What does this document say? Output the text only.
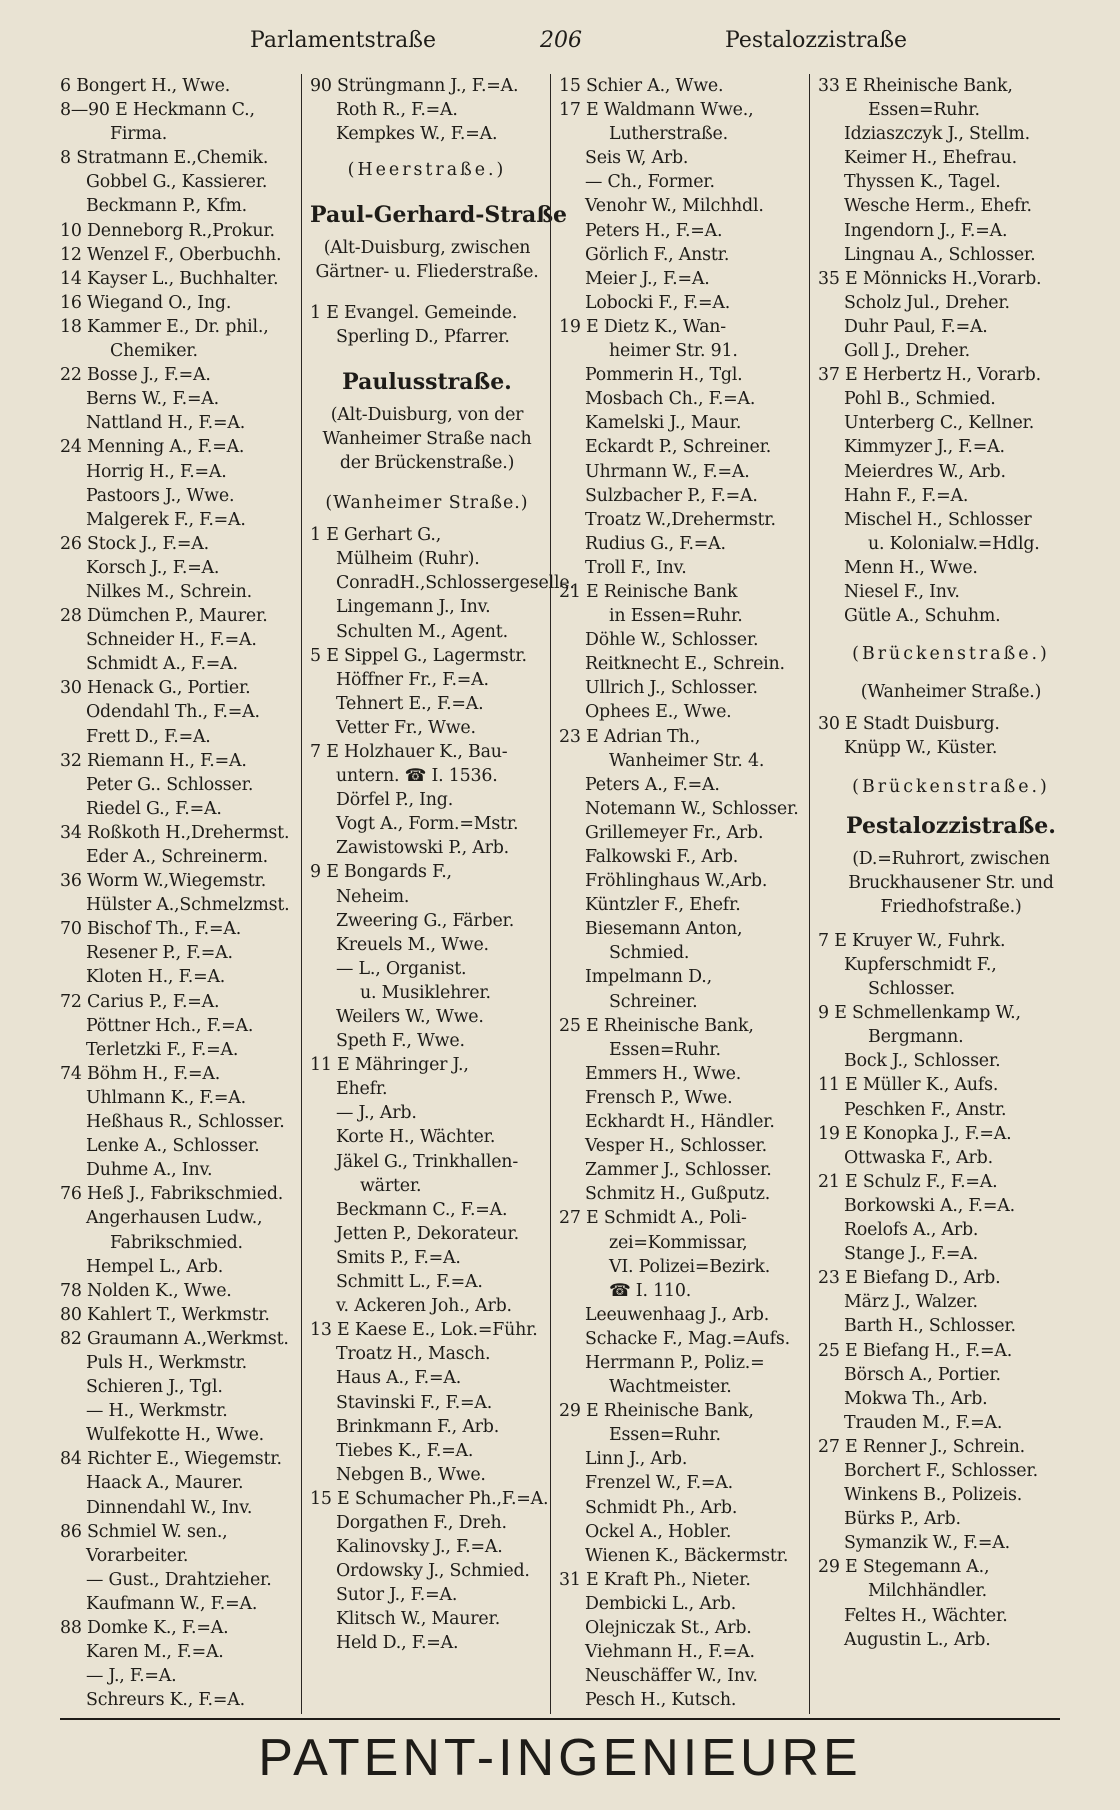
Parlamentstraße	206	Pestalozzistraße
6 Bongert H., Wwe.
8—90 E Heckmann C.,
Firma.
8 Stratmann E.,Chemik.
Gobbel G., Kassierer.
Beckmann P., Kfm.
10 Denneborg R.,Prokur.
12 Wenzel F., Oberbuchh.
14 Kayser L., Buchhalter.
16 Wiegand O., Ing.
18 Kammer E., Dr. phil.,
Chemiker.
22 Bosse J., F.=A.
Berns W., F.=A.
Nattland H., F.=A.
24 Menning A., F.=A.
Horrig H., F.=A.
Pastoors J., Wwe.
Malgerek F., F.=A.
26 Stock J., F.=A.
Korsch J., F.=A.
Nilkes M., Schrein.
28 Dümchen P., Maurer.
Schneider H., F.=A.
Schmidt A., F.=A.
30 Henack G., Portier.
Odendahl Th., F.=A.
Frett D., F.=A.
32 Riemann H., F.=A.
Peter G.. Schlosser.
Riedel G., F.=A.
34 Roßkoth H.,Drehermst.
Eder A., Schreinerm.
36 Worm W.,Wiegemstr.
Hülster A.,Schmelzmst.
70 Bischof Th., F.=A.
Resener P., F.=A.
Kloten H., F.=A.
72 Carius P., F.=A.
Pöttner Hch., F.=A.
Terletzki F., F.=A.
74 Böhm H., F.=A.
Uhlmann K., F.=A.
Heßhaus R., Schlosser.
Lenke A., Schlosser.
Duhme A., Inv.
76 Heß J., Fabrikschmied.
Angerhausen Ludw.,
Fabrikschmied.
Hempel L., Arb.
78 Nolden K., Wwe.
80 Kahlert T., Werkmstr.
82 Graumann A.,Werkmst.
Puls H., Werkmstr.
Schieren J., Tgl.
— H., Werkmstr.
Wulfekotte H., Wwe.
84 Richter E., Wiegemstr.
Haack A., Maurer.
Dinnendahl W., Inv.
86 Schmiel W. sen.,
Vorarbeiter.
— Gust., Drahtzieher.
Kaufmann W., F.=A.
88 Domke K., F.=A.
Karen M., F.=A.
— J., F.=A.
Schreurs K., F.=A.
90 Strüngmann J., F.=A.
Roth R., F.=A.
Kempkes W., F.=A.
(Heerstraße.)
Paul-Gerhard-Straße
(Alt-Duisburg, zwischen
Gärtner- u. Fliederstraße.
1 E Evangel. Gemeinde.
Sperling D., Pfarrer.
Paulusstraße.
(Alt-Duisburg, von der
Wanheimer Straße nach
der Brückenstraße.)
(Wanheimer Straße.)
1 E Gerhart G.,
Mülheim (Ruhr).
ConradH.,Schlossergeselle.
Lingemann J., Inv.
Schulten M., Agent.
5 E Sippel G., Lagermstr.
Höffner Fr., F.=A.
Tehnert E., F.=A.
Vetter Fr., Wwe.
7 E Holzhauer K., Bau-
untern. ☎ I. 1536.
Dörfel P., Ing.
Vogt A., Form.=Mstr.
Zawistowski P., Arb.
9 E Bongards F.,
Neheim.
Zweering G., Färber.
Kreuels M., Wwe.
— L., Organist.
u. Musiklehrer.
Weilers W., Wwe.
Speth F., Wwe.
11 E Mähringer J.,
Ehefr.
— J., Arb.
Korte H., Wächter.
Jäkel G., Trinkhallen-
wärter.
Beckmann C., F.=A.
Jetten P., Dekorateur.
Smits P., F.=A.
Schmitt L., F.=A.
v. Ackeren Joh., Arb.
13 E Kaese E., Lok.=Führ.
Troatz H., Masch.
Haus A., F.=A.
Stavinski F., F.=A.
Brinkmann F., Arb.
Tiebes K., F.=A.
Nebgen B., Wwe.
15 E Schumacher Ph.,F.=A.
Dorgathen F., Dreh.
Kalinovsky J., F.=A.
Ordowsky J., Schmied.
Sutor J., F.=A.
Klitsch W., Maurer.
Held D., F.=A.
15 Schier A., Wwe.
17 E Waldmann Wwe.,
Lutherstraße.
Seis W, Arb.
— Ch., Former.
Venohr W., Milchhdl.
Peters H., F.=A.
Görlich F., Anstr.
Meier J., F.=A.
Lobocki F., F.=A.
19 E Dietz K., Wan-
heimer Str. 91.
Pommerin H., Tgl.
Mosbach Ch., F.=A.
Kamelski J., Maur.
Eckardt P., Schreiner.
Uhrmann W., F.=A.
Sulzbacher P., F.=A.
Troatz W.,Drehermstr.
Rudius G., F.=A.
Troll F., Inv.
21 E Reinische Bank
in Essen=Ruhr.
Döhle W., Schlosser.
Reitknecht E., Schrein.
Ullrich J., Schlosser.
Ophees E., Wwe.
23 E Adrian Th.,
Wanheimer Str. 4.
Peters A., F.=A.
Notemann W., Schlosser.
Grillemeyer Fr., Arb.
Falkowski F., Arb.
Fröhlinghaus W.,Arb.
Küntzler F., Ehefr.
Biesemann Anton,
Schmied.
Impelmann D.,
Schreiner.
25 E Rheinische Bank,
Essen=Ruhr.
Emmers H., Wwe.
Frensch P., Wwe.
Eckhardt H., Händler.
Vesper H., Schlosser.
Zammer J., Schlosser.
Schmitz H., Gußputz.
27 E Schmidt A., Poli-
zei=Kommissar,
VI. Polizei=Bezirk.
☎ I. 110.
Leeuwenhaag J., Arb.
Schacke F., Mag.=Aufs.
Herrmann P., Poliz.=
Wachtmeister.
29 E Rheinische Bank,
Essen=Ruhr.
Linn J., Arb.
Frenzel W., F.=A.
Schmidt Ph., Arb.
Ockel A., Hobler.
Wienen K., Bäckermstr.
31 E Kraft Ph., Nieter.
Dembicki L., Arb.
Olejniczak St., Arb.
Viehmann H., F.=A.
Neuschäffer W., Inv.
Pesch H., Kutsch.
33 E Rheinische Bank,
Essen=Ruhr.
Idziaszczyk J., Stellm.
Keimer H., Ehefrau.
Thyssen K., Tagel.
Wesche Herm., Ehefr.
Ingendorn J., F.=A.
Lingnau A., Schlosser.
35 E Mönnicks H.,Vorarb.
Scholz Jul., Dreher.
Duhr Paul, F.=A.
Goll J., Dreher.
37 E Herbertz H., Vorarb.
Pohl B., Schmied.
Unterberg C., Kellner.
Kimmyzer J., F.=A.
Meierdres W., Arb.
Hahn F., F.=A.
Mischel H., Schlosser
u. Kolonialw.=Hdlg.
Menn H., Wwe.
Niesel F., Inv.
Gütle A., Schuhm.
(Brückenstraße.)
(Wanheimer Straße.)
30 E Stadt Duisburg.
Knüpp W., Küster.
(Brückenstraße.)
Pestalozzistraße.
(D.=Ruhrort, zwischen
Bruckhausener Str. und
Friedhofstraße.)
7 E Kruyer W., Fuhrk.
Kupferschmidt F.,
Schlosser.
9 E Schmellenkamp W.,
Bergmann.
Bock J., Schlosser.
11 E Müller K., Aufs.
Peschken F., Anstr.
19 E Konopka J., F.=A.
Ottwaska F., Arb.
21 E Schulz F., F.=A.
Borkowski A., F.=A.
Roelofs A., Arb.
Stange J., F.=A.
23 E Biefang D., Arb.
März J., Walzer.
Barth H., Schlosser.
25 E Biefang H., F.=A.
Börsch A., Portier.
Mokwa Th., Arb.
Trauden M., F.=A.
27 E Renner J., Schrein.
Borchert F., Schlosser.
Winkens B., Polizeis.
Bürks P., Arb.
Symanzik W., F.=A.
29 E Stegemann A.,
Milchhändler.
Feltes H., Wächter.
Augustin L., Arb.
PATENT-INGENIEURE
